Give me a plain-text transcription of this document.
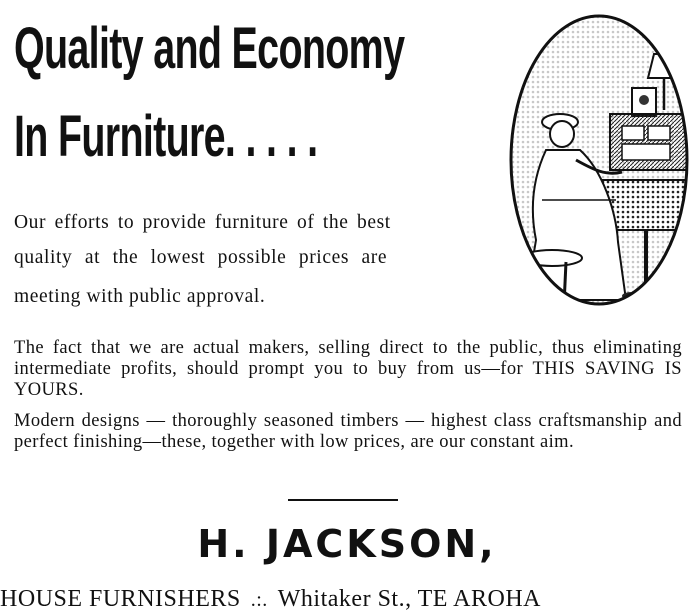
Quality and Economy
In Furniture. . . . .
Our efforts to provide furniture of the best
quality at the lowest possible prices are
meeting with public approval.

The fact that we are actual makers, selling direct to the public, thus eliminating intermediate profits, should prompt you to buy from us—for THIS SAVING IS YOURS.

Modern designs — thoroughly seasoned timbers — highest class craftsmanship and perfect finishing—these, together with low prices, are our constant aim.

H. JACKSON,
HOUSE FURNISHERS .:. Whitaker St., TE AROHA
